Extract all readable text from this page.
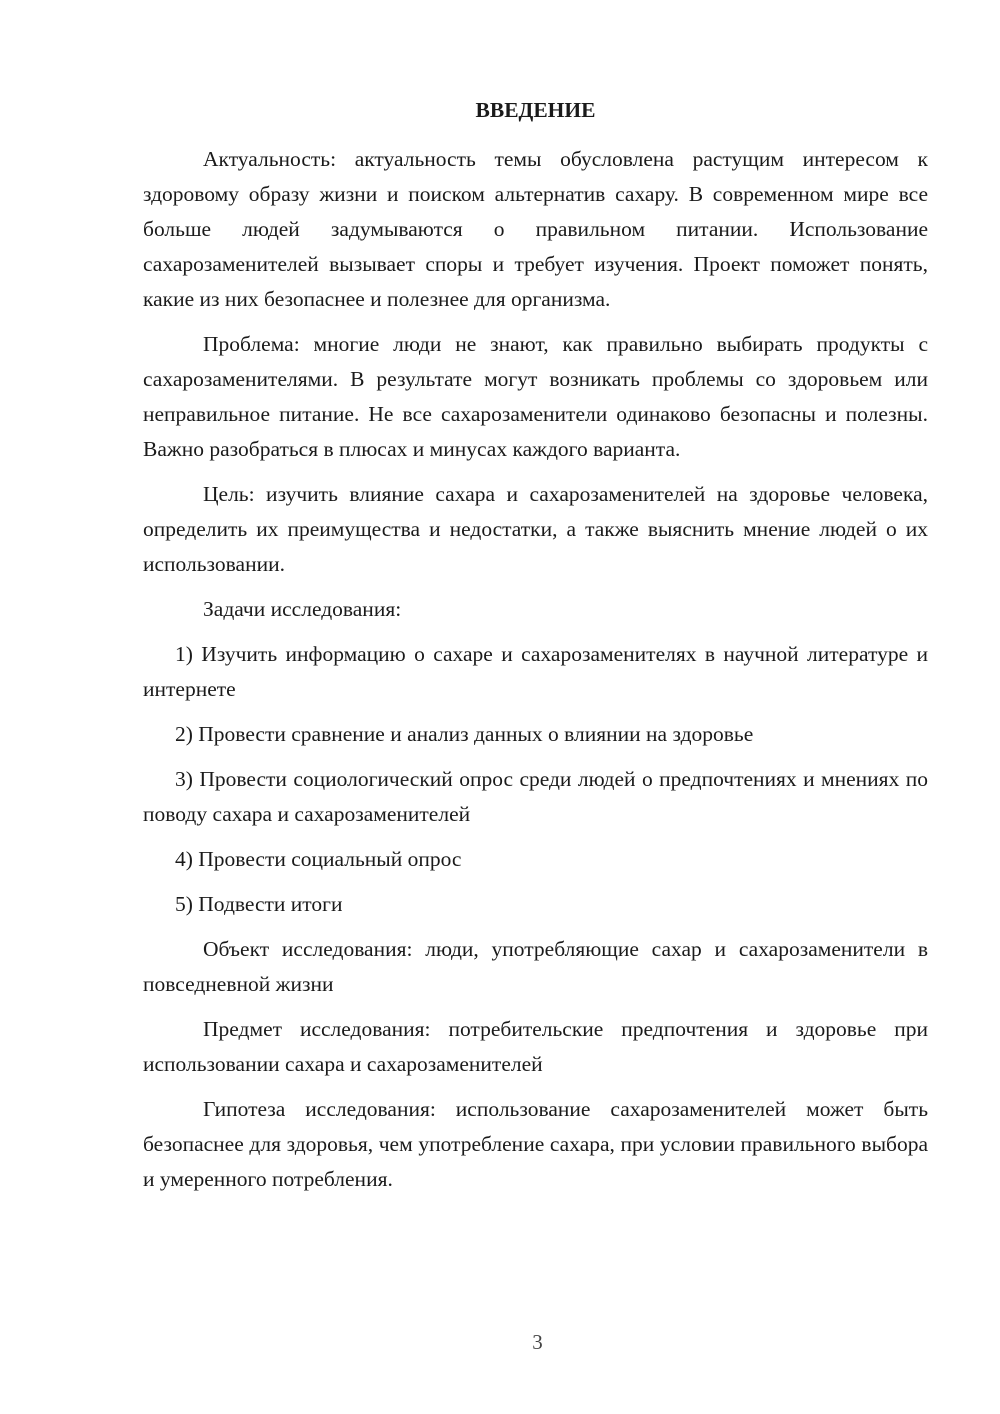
ВВЕДЕНИЕ

Актуальность: актуальность темы обусловлена растущим интересом к здоровому образу жизни и поиском альтернатив сахару. В современном мире все больше людей задумываются о правильном питании. Использование сахарозаменителей вызывает споры и требует изучения. Проект поможет понять, какие из них безопаснее и полезнее для организма.

Проблема: многие люди не знают, как правильно выбирать продукты с сахарозаменителями. В результате могут возникать проблемы со здоровьем или неправильное питание. Не все сахарозаменители одинаково безопасны и полезны. Важно разобраться в плюсах и минусах каждого варианта.

Цель: изучить влияние сахара и сахарозаменителей на здоровье человека, определить их преимущества и недостатки, а также выяснить мнение людей о их использовании.

Задачи исследования:

1) Изучить информацию о сахаре и сахарозаменителях в научной литературе и интернете

2) Провести сравнение и анализ данных о влиянии на здоровье

3) Провести социологический опрос среди людей о предпочтениях и мнениях по поводу сахара и сахарозаменителей

4) Провести социальный опрос

5) Подвести итоги

Объект исследования: люди, употребляющие сахар и сахарозаменители в повседневной жизни

Предмет исследования: потребительские предпочтения и здоровье при использовании сахара и сахарозаменителей

Гипотеза исследования: использование сахарозаменителей может быть безопаснее для здоровья, чем употребление сахара, при условии правильного выбора и умеренного потребления.

3
